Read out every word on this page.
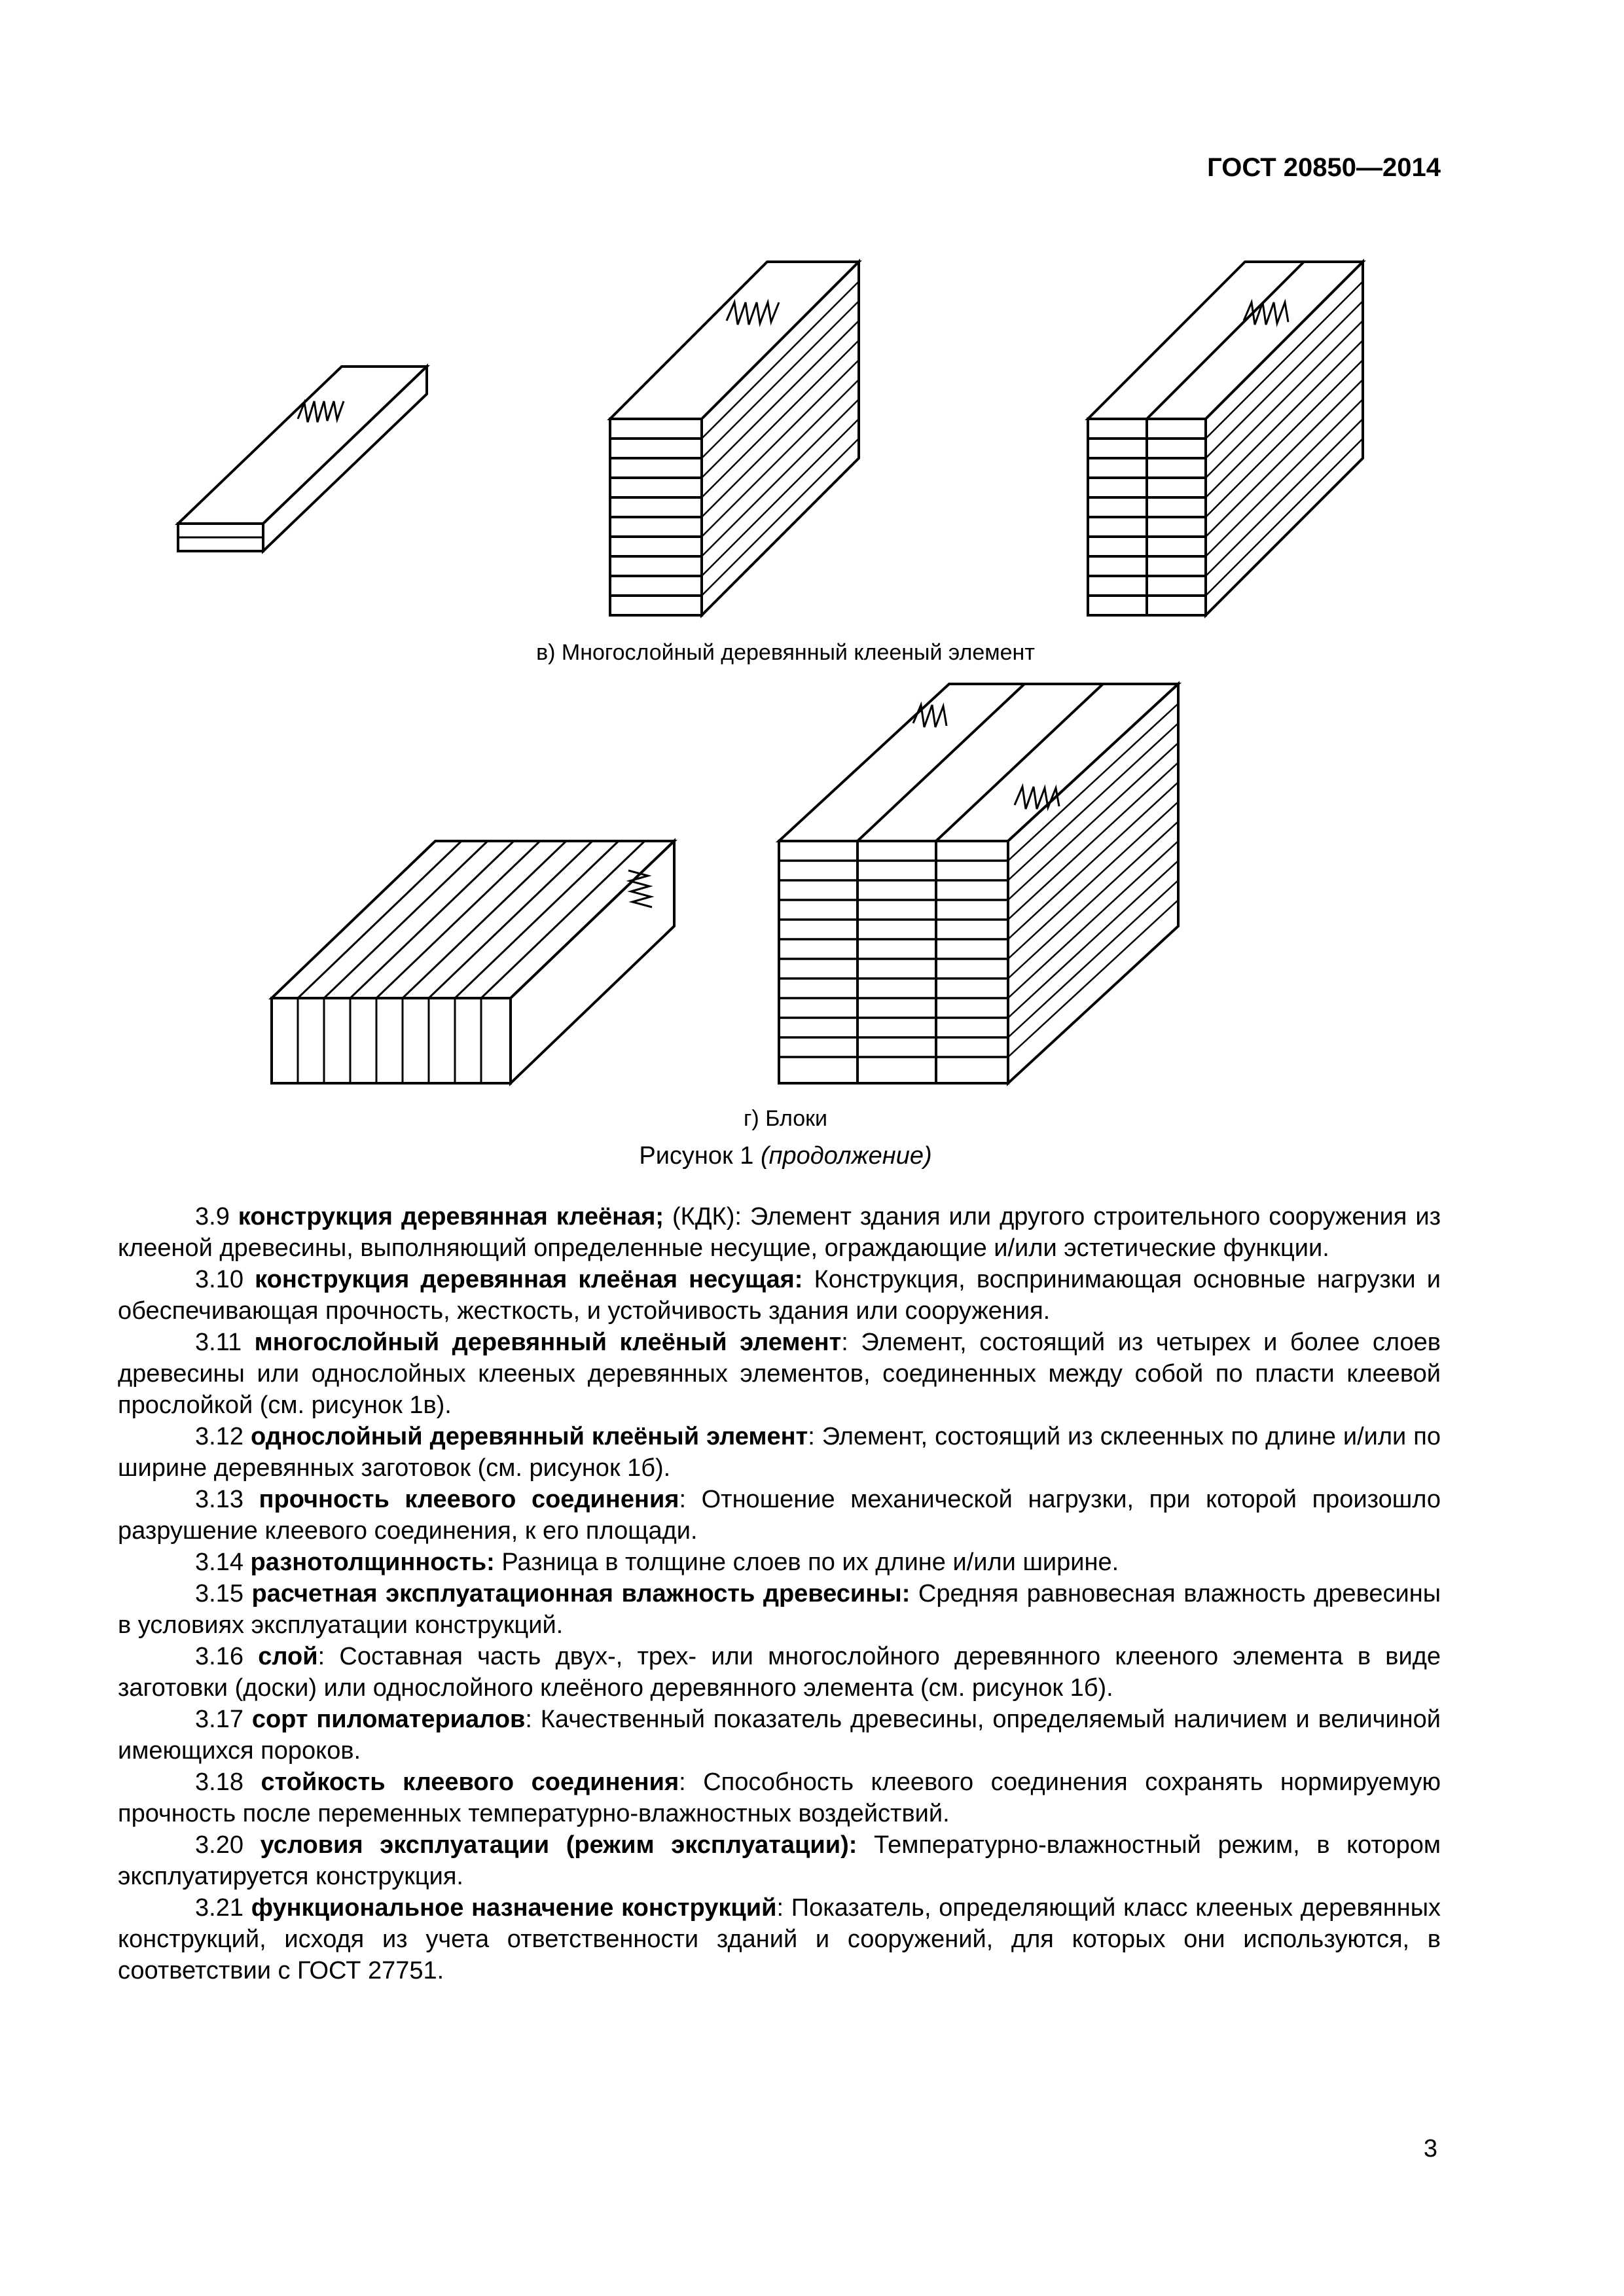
ГОСТ 20850—2014
в) Многослойный деревянный клееный элемент
г) Блоки
Рисунок 1 (продолжение)

3.9 конструкция деревянная клеёная; (КДК): Элемент здания или другого строительного сооружения из клееной древесины, выполняющий определенные несущие, ограждающие и/или эстетические функции.

3.10 конструкция деревянная клеёная несущая: Конструкция, воспринимающая основные нагрузки и обеспечивающая прочность, жесткость, и устойчивость здания или сооружения.

3.11 многослойный деревянный клеёный элемент: Элемент, состоящий из четырех и более слоев древесины или однослойных клееных деревянных элементов, соединенных между собой по пласти клеевой прослойкой (см. рисунок 1в).

3.12 однослойный деревянный клеёный элемент: Элемент, состоящий из склеенных по длине и/или по ширине деревянных заготовок (см. рисунок 1б).

3.13 прочность клеевого соединения: Отношение механической нагрузки, при которой произошло разрушение клеевого соединения, к его площади.

3.14 разнотолщинность: Разница в толщине слоев по их длине и/или ширине.

3.15 расчетная эксплуатационная влажность древесины: Средняя равновесная влажность древесины в условиях эксплуатации конструкций.

3.16 слой: Составная часть двух-, трех- или многослойного деревянного клееного элемента в виде заготовки (доски) или однослойного клеёного деревянного элемента (см. рисунок 1б).

3.17 сорт пиломатериалов: Качественный показатель древесины, определяемый наличием и величиной имеющихся пороков.

3.18 стойкость клеевого соединения: Способность клеевого соединения сохранять нормируемую прочность после переменных температурно-влажностных воздействий.

3.20 условия эксплуатации (режим эксплуатации): Температурно-влажностный режим, в котором эксплуатируется конструкция.

3.21 функциональное назначение конструкций: Показатель, определяющий класс клееных деревянных конструкций, исходя из учета ответственности зданий и сооружений, для которых они используются, в соответствии с ГОСТ 27751.

3
